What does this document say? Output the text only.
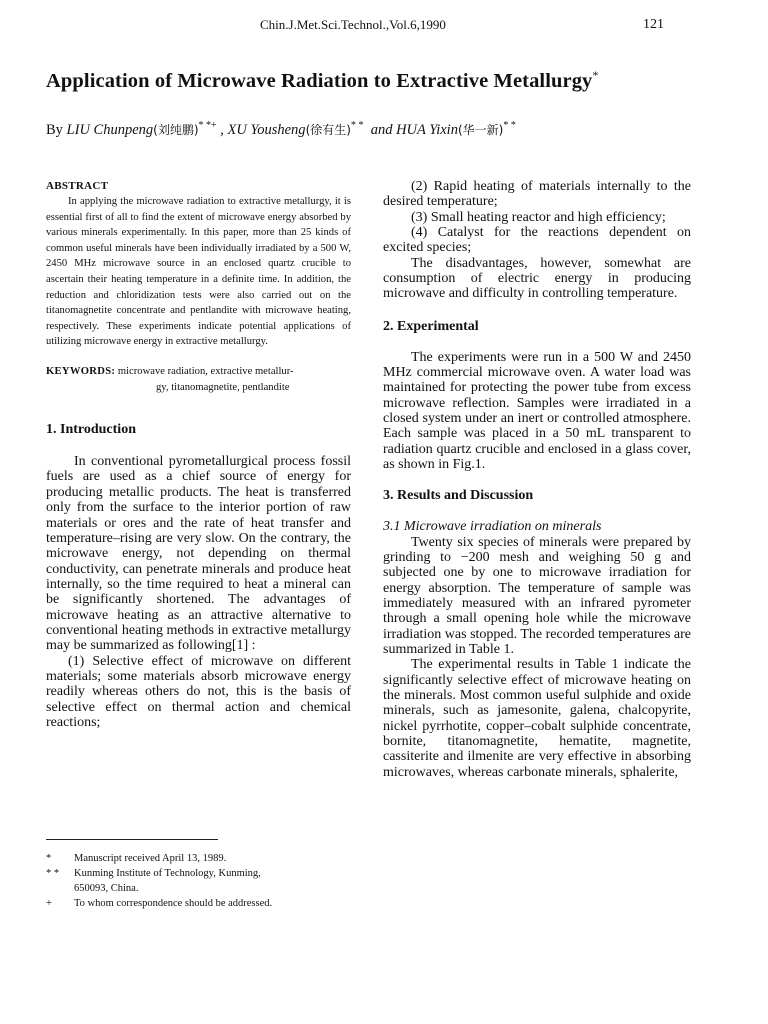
Chin.J.Met.Sci.Technol.,Vol.6,1990	121
Application of Microwave Radiation to Extractive Metallurgy*
By LIU Chunpeng(刘纯鹏)* *+ , XU Yousheng(徐有生)* * and HUA Yixin(华一新)* *
ABSTRACT

In applying the microwave radiation to extractive metallurgy, it is essential first of all to find the extent of microwave energy absorbed by various minerals experimentally. In this paper, more than 25 kinds of common useful minerals have been individually irradiated by a 500 W, 2450 MHz microwave source in an enclosed quartz crucible to ascertain their heating temperature in a definite time. In addition, the reduction and chloridization tests were also carried out on the titanomagnetite concentrate and pentlandite with microwave heating, respectively. These experiments indicate potential applications of utilizing microwave energy in extractive metallurgy.

KEYWORDS: microwave radiation, extractive metallur-
gy, titanomagnetite, pentlandite
1. Introduction

In conventional pyrometallurgical process fossil fuels are used as a chief source of energy for producing metallic products. The heat is transferred only from the surface to the interior portion of raw materials or ores and the rate of heat transfer and temperature–rising are very slow. On the contrary, the microwave energy, not depending on thermal conductivity, can penetrate minerals and produce heat internally, so the time required to heat a mineral can be significantly shortened. The advantages of microwave heating as an attractive alternative to conventional heating methods in extractive metallurgy may be summarized as following[1] :

(1) Selective effect of microwave on different materials; some materials absorb microwave energy readily whereas others do not, this is the basis of selective effect on thermal action and chemical reactions;

(2) Rapid heating of materials internally to the desired temperature;

(3) Small heating reactor and high efficiency;

(4) Catalyst for the reactions dependent on excited species;

The disadvantages, however, somewhat are consumption of electric energy in producing microwave and difficulty in controlling temperature.

2. Experimental

The experiments were run in a 500 W and 2450 MHz commercial microwave oven. A water load was maintained for protecting the power tube from excess microwave reflection. Samples were irradiated in a closed system under an inert or controlled atmosphere. Each sample was placed in a 50 mL transparent to radiation quartz crucible and enclosed in a glass cover, as shown in Fig.1.

3. Results and Discussion
3.1 Microwave irradiation on minerals

Twenty six species of minerals were prepared by grinding to −200 mesh and weighing 50 g and subjected one by one to microwave irradiation for energy absorption. The temperature of sample was immediately measured with an infrared pyrometer through a small opening hole while the microwave irradiation was stopped. The recorded temperatures are summarized in Table 1.

The experimental results in Table 1 indicate the significantly selective effect of microwave heating on the minerals. Most common useful sulphide and oxide minerals, such as jamesonite, galena, chalcopyrite, nickel pyrrhotite, copper–cobalt sulphide concentrate, bornite, titanomagnetite, hematite, magnetite, cassiterite and ilmenite are very effective in absorbing microwaves, whereas carbonate minerals, sphalerite,

* Manuscript received April 13, 1989.
* * Kunming Institute of Technology, Kunming,
650093, China.
+ To whom correspondence should be addressed.
